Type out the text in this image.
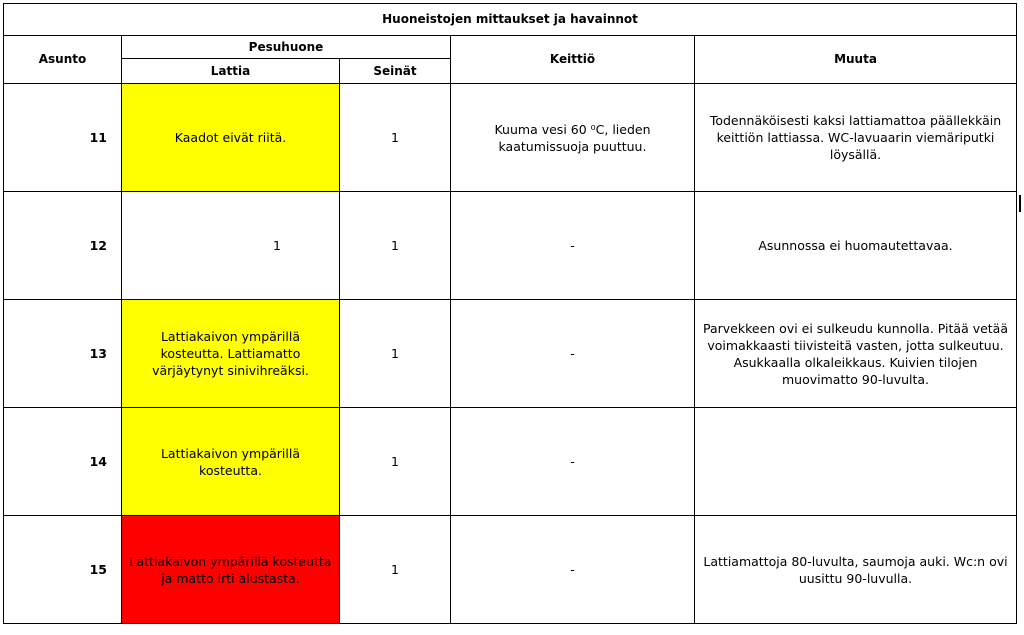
Huoneistojen mittaukset ja havainnot				
Asunto	Pesuhuone		Keittiö	Muuta
	Lattia	Seinät		
11	Kaadot eivät riitä.	1	Kuuma vesi 60 ⁰C, lieden kaatumissuoja puuttuu.	Todennäköisesti kaksi lattiamattoa päällekkäin keittiön lattiassa. WC-lavuaarin viemäriputki löysällä.
12	1	1	-	Asunnossa ei huomautettavaa.
13	Lattiakaivon ympärillä kosteutta. Lattiamatto värjäytynyt sinivihreäksi.	1	-	Parvekkeen ovi ei sulkeudu kunnolla. Pitää vetää voimakkaasti tiivisteitä vasten, jotta sulkeutuu. Asukkaalla olkaleikkaus. Kuivien tilojen muovimatto 90-luvulta.
14	Lattiakaivon ympärillä kosteutta.	1	-	
15	Lattiakaivon ympärillä kosteutta ja matto irti alustasta.	1	-	Lattiamattoja 80-luvulta, saumoja auki. Wc:n ovi uusittu 90-luvulla.
